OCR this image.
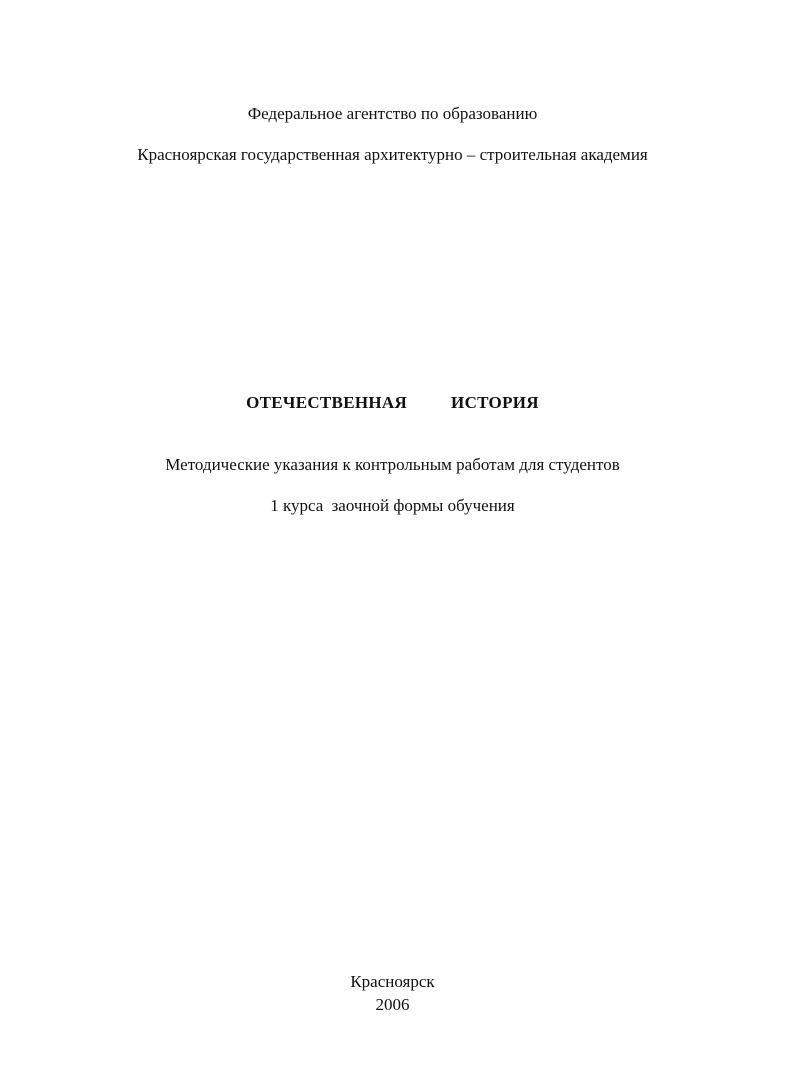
Федеральное агентство по образованию
Красноярская государственная архитектурно – строительная академия
ОТЕЧЕСТВЕННАЯ	ИСТОРИЯ
Методические указания к контрольным работам для студентов
1 курса заочной формы обучения
Красноярск
2006
